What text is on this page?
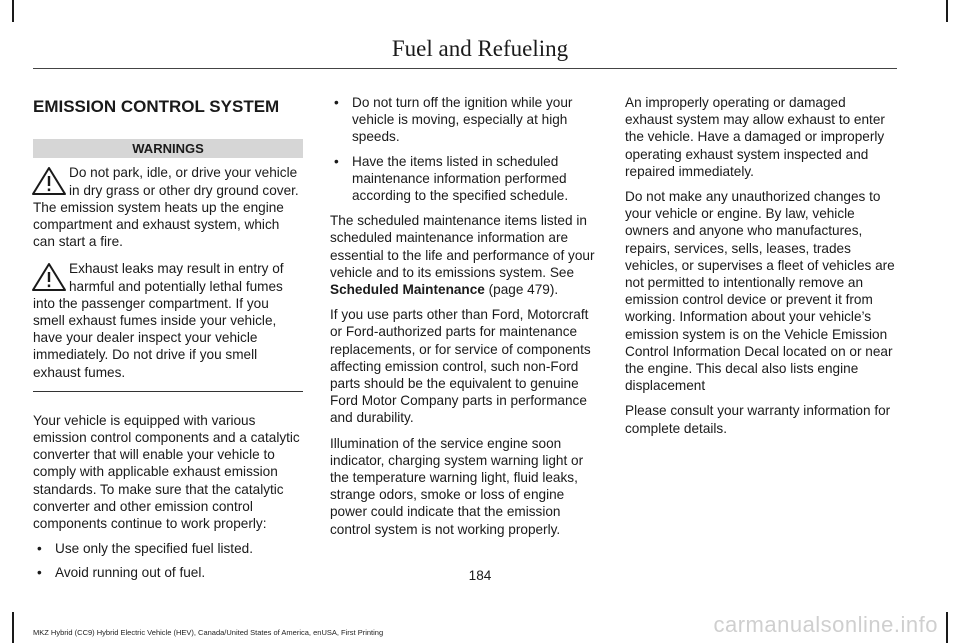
Fuel and Refueling
EMISSION CONTROL SYSTEM
WARNINGS
Do not park, idle, or drive your vehicle in dry grass or other dry ground cover. The emission system heats up the engine compartment and exhaust system, which can start a fire.
Exhaust leaks may result in entry of harmful and potentially lethal fumes into the passenger compartment. If you smell exhaust fumes inside your vehicle, have your dealer inspect your vehicle immediately. Do not drive if you smell exhaust fumes.

Your vehicle is equipped with various emission control components and a catalytic converter that will enable your vehicle to comply with applicable exhaust emission standards. To make sure that the catalytic converter and other emission control components continue to work properly:

• Use only the specified fuel listed.
• Avoid running out of fuel.
• Do not turn off the ignition while your vehicle is moving, especially at high speeds.
• Have the items listed in scheduled maintenance information performed according to the specified schedule.

The scheduled maintenance items listed in scheduled maintenance information are essential to the life and performance of your vehicle and to its emissions system. See Scheduled Maintenance (page 479).

If you use parts other than Ford, Motorcraft or Ford-authorized parts for maintenance replacements, or for service of components affecting emission control, such non-Ford parts should be the equivalent to genuine Ford Motor Company parts in performance and durability.

Illumination of the service engine soon indicator, charging system warning light or the temperature warning light, fluid leaks, strange odors, smoke or loss of engine power could indicate that the emission control system is not working properly.

An improperly operating or damaged exhaust system may allow exhaust to enter the vehicle. Have a damaged or improperly operating exhaust system inspected and repaired immediately.

Do not make any unauthorized changes to your vehicle or engine. By law, vehicle owners and anyone who manufactures, repairs, services, sells, leases, trades vehicles, or supervises a fleet of vehicles are not permitted to intentionally remove an emission control device or prevent it from working. Information about your vehicle’s emission system is on the Vehicle Emission Control Information Decal located on or near the engine. This decal also lists engine displacement

Please consult your warranty information for complete details.

184
MKZ Hybrid (CC9) Hybrid Electric Vehicle (HEV), Canada/United States of America, enUSA, First Printing	carmanualsonline.info
